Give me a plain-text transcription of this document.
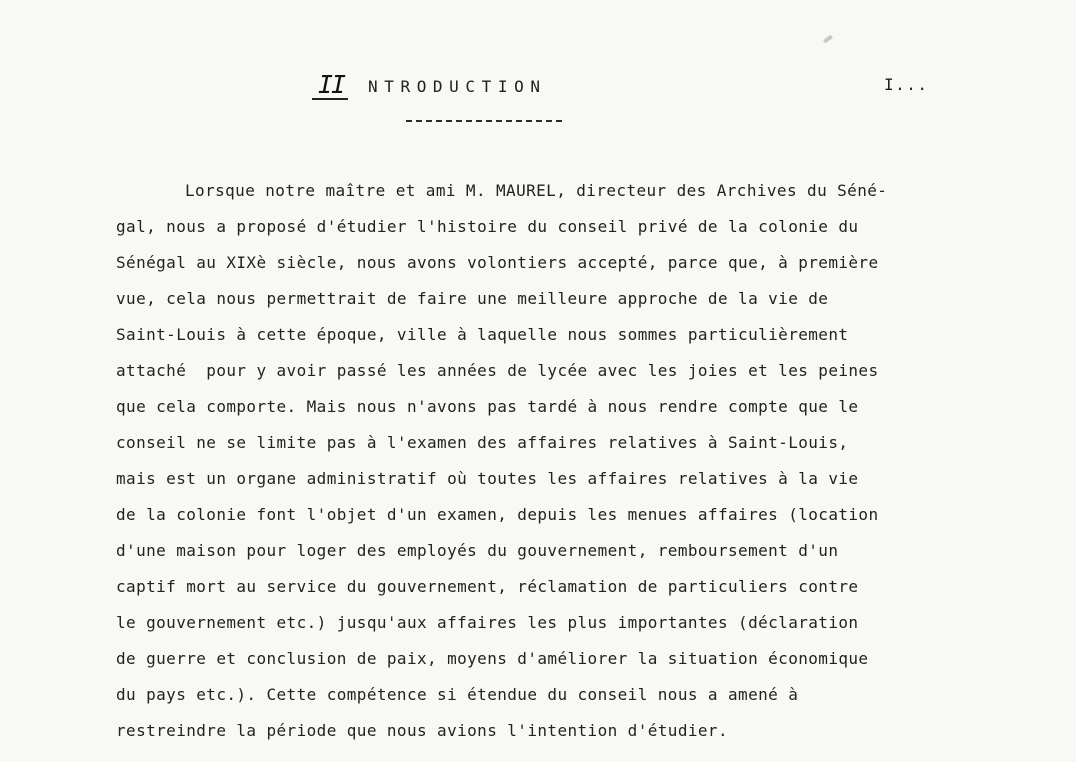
II NTRODUCTION	I...
Lorsque notre maître et ami M. MAUREL, directeur des Archives du Séné-
gal, nous a proposé d'étudier l'histoire du conseil privé de la colonie du
Sénégal au XIXè siècle, nous avons volontiers accepté, parce que, à première
vue, cela nous permettrait de faire une meilleure approche de la vie de
Saint-Louis à cette époque, ville à laquelle nous sommes particulièrement
attaché  pour y avoir passé les années de lycée avec les joies et les peines
que cela comporte. Mais nous n'avons pas tardé à nous rendre compte que le
conseil ne se limite pas à l'examen des affaires relatives à Saint-Louis,
mais est un organe administratif où toutes les affaires relatives à la vie
de la colonie font l'objet d'un examen, depuis les menues affaires (location
d'une maison pour loger des employés du gouvernement, remboursement d'un
captif mort au service du gouvernement, réclamation de particuliers contre
le gouvernement etc.) jusqu'aux affaires les plus importantes (déclaration
de guerre et conclusion de paix, moyens d'améliorer la situation économique
du pays etc.). Cette compétence si étendue du conseil nous a amené à
restreindre la période que nous avions l'intention d'étudier.
